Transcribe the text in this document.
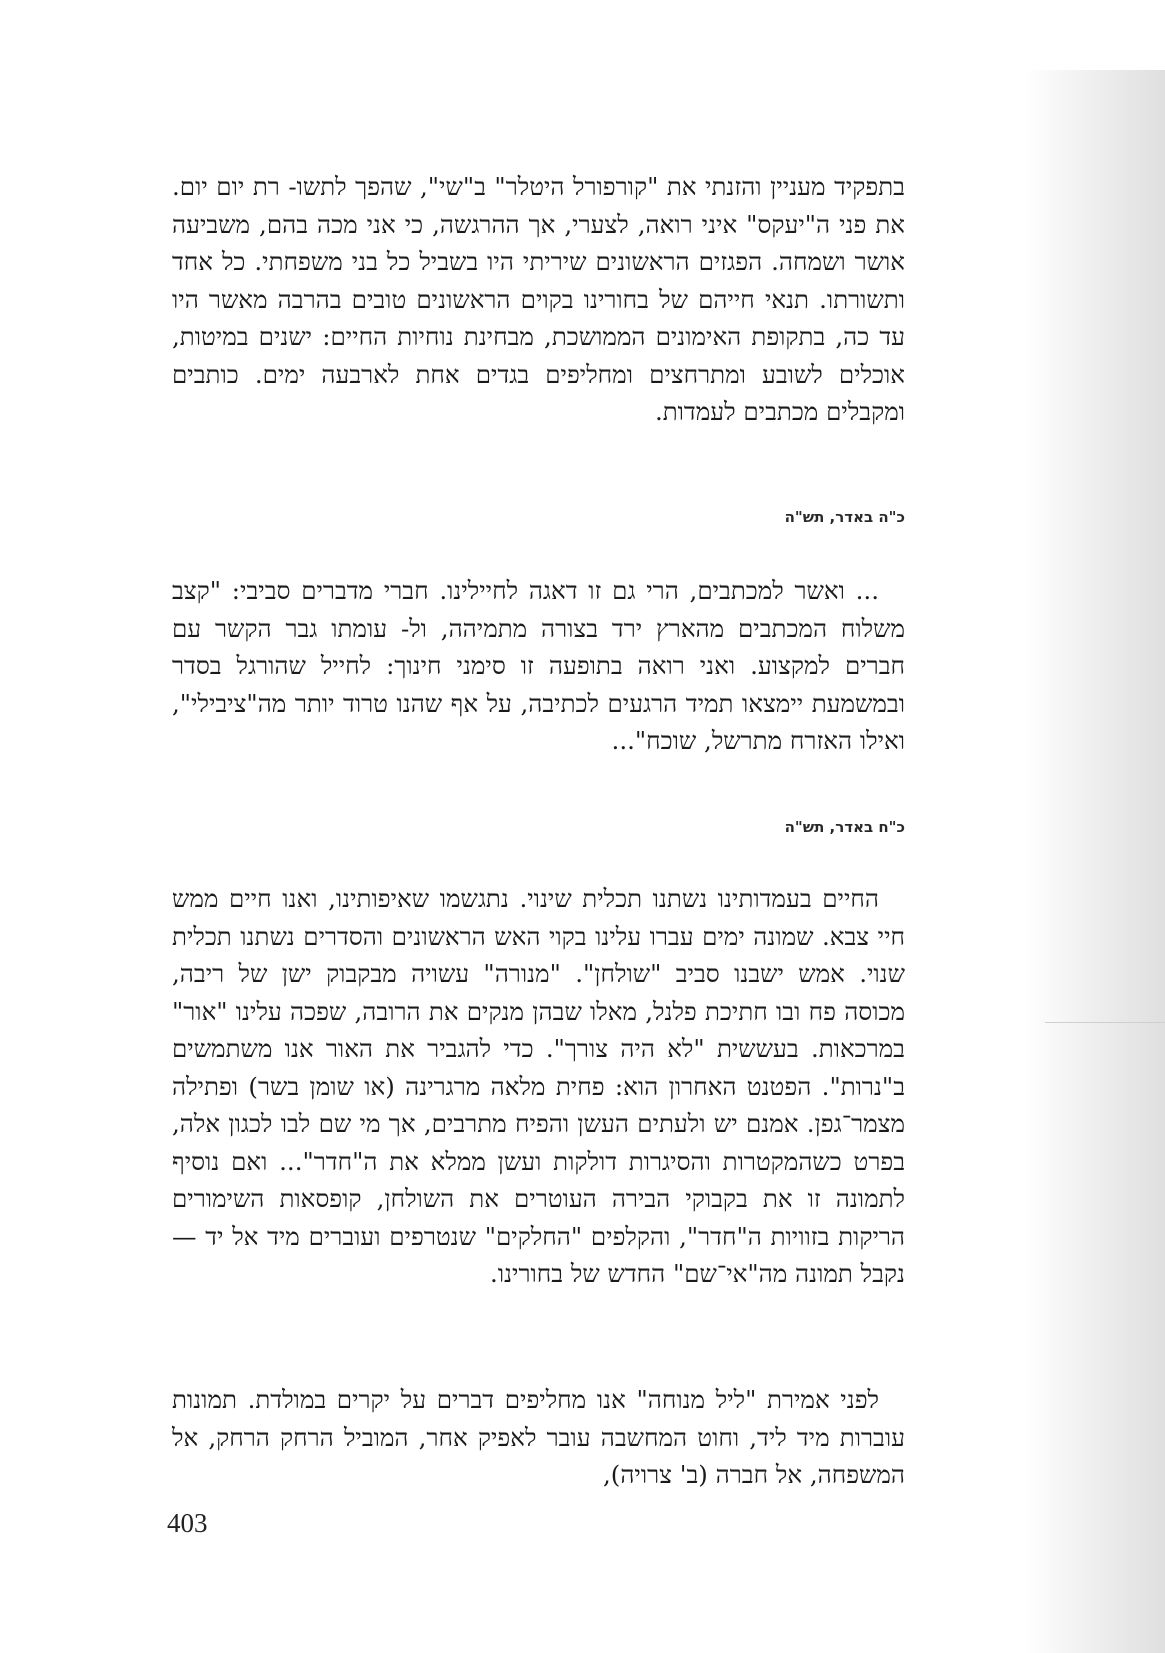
בתפקיד מעניין והזנתי את "קורפורל היטלר" ב"שי", שהפך לתשו- רת יום יום. את פני ה"יעקס" איני רואה, לצערי, אך ההרגשה, כי אני מכה בהם, משביעה אושר ושמחה. הפגזים הראשונים שיריתי היו בשביל כל בני משפחתי. כל אחד ותשורתו. תנאי חייהם של בחורינו בקוים הראשונים טובים בהרבה מאשר היו עד כה, בתקופת האימונים הממושכת, מבחינת נוחיות החיים: ישנים במיטות, אוכלים לשובע ומתרחצים ומחליפים בגדים אחת לארבעה ימים. כותבים ומקבלים מכתבים לעמדות.

כ"ה באדר, תש"ה

... ואשר למכתבים, הרי גם זו דאגה לחיילינו. חברי מדברים סביבי: "קצב משלוח המכתבים מהארץ ירד בצורה מתמיהה, ול- עומתו גבר הקשר עם חברים למקצוע. ואני רואה בתופעה זו סימני חינוך: לחייל שהורגל בסדר ובמשמעת יימצאו תמיד הרגעים לכתיבה, על אף שהנו טרוד יותר מה"ציבילי", ואילו האזרח מתרשל, שוכח"...

כ"ח באדר, תש"ה

החיים בעמדותינו נשתנו תכלית שינוי. נתגשמו שאיפותינו, ואנו חיים ממש חיי צבא. שמונה ימים עברו עלינו בקוי האש הראשונים והסדרים נשתנו תכלית שנוי. אמש ישבנו סביב "שולחן". "מנורה" עשויה מבקבוק ישן של ריבה, מכוסה פח ובו חתיכת פלנל, מאלו שבהן מנקים את הרובה, שפכה עלינו "אור" במרכאות. בעששית "לא היה צורך". כדי להגביר את האור אנו משתמשים ב"נרות". הפטנט האחרון הוא: פחית מלאה מרגרינה (או שומן בשר) ופתילה מצמר־גפן. אמנם יש ולעתים העשן והפיח מתרבים, אך מי שם לבו לכגון אלה, בפרט כשהמקטרות והסיגרות דולקות ועשן ממלא את ה"חדר"... ואם נוסיף לתמונה זו את בקבוקי הבירה העוטרים את השולחן, קופסאות השימורים הריקות בזוויות ה"חדר", והקלפים "החלקים" שנטרפים ועוברים מיד אל יד — נקבל תמונה מה"אי־שם" החדש של בחורינו.

לפני אמירת "ליל מנוחה" אנו מחליפים דברים על יקרים במולדת. תמונות עוברות מיד ליד, וחוט המחשבה עובר לאפיק אחר, המוביל הרחק הרחק, אל המשפחה, אל חברה (ב' צרויה),

403
